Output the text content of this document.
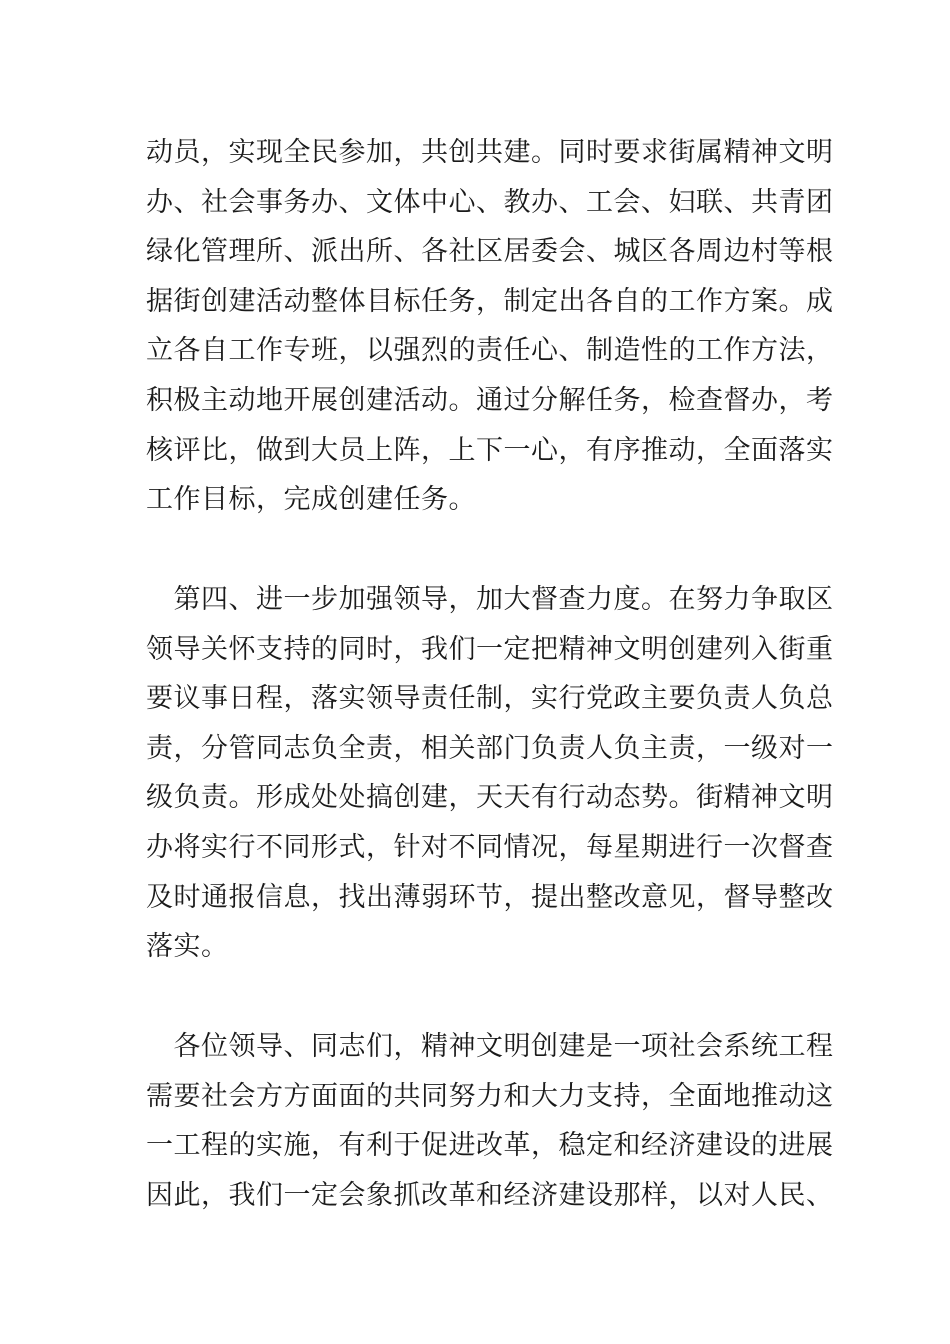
动员，实现全民参加，共创共建。同时要求街属精神文明
办、社会事务办、文体中心、教办、工会、妇联、共青团
绿化管理所、派出所、各社区居委会、城区各周边村等根
据街创建活动整体目标任务，制定出各自的工作方案。成
立各自工作专班，以强烈的责任心、制造性的工作方法，
积极主动地开展创建活动。通过分解任务，检查督办，考
核评比，做到大员上阵，上下一心，有序推动，全面落实
工作目标，完成创建任务。
　第四、进一步加强领导，加大督查力度。在努力争取区
领导关怀支持的同时，我们一定把精神文明创建列入街重
要议事日程，落实领导责任制，实行党政主要负责人负总
责，分管同志负全责，相关部门负责人负主责，一级对一
级负责。形成处处搞创建，天天有行动态势。街精神文明
办将实行不同形式，针对不同情况，每星期进行一次督查
及时通报信息，找出薄弱环节，提出整改意见，督导整改
落实。
　各位领导、同志们，精神文明创建是一项社会系统工程
需要社会方方面面的共同努力和大力支持，全面地推动这
一工程的实施，有利于促进改革，稳定和经济建设的进展
因此，我们一定会象抓改革和经济建设那样，以对人民、
